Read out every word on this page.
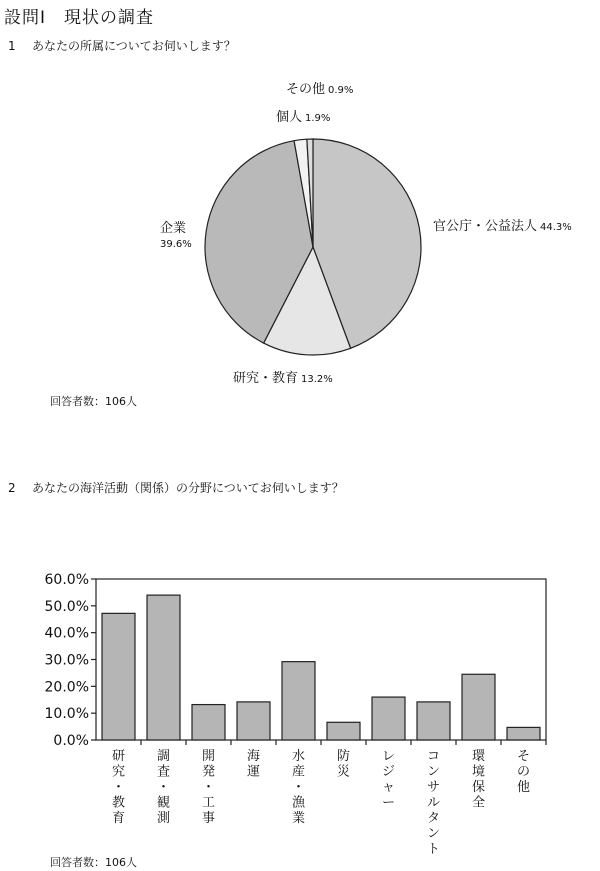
設問Ⅰ　現状の調査
1 あなたの所属についてお伺いします？
官公庁・公益法人 44.3%
研究・教育 13.2%
企業
39.6%
個人 1.9%
その他 0.9%
回答者数：106人
2 あなたの海洋活動（関係）の分野についてお伺いします？
0.0%
10.0%
20.0%
30.0%
40.0%
50.0%
60.0%
研究・教育
調査・観測
開発・工事
海運
水産・漁業
防災
レジャー
コンサルタント
環境保全
その他
回答者数：106人
